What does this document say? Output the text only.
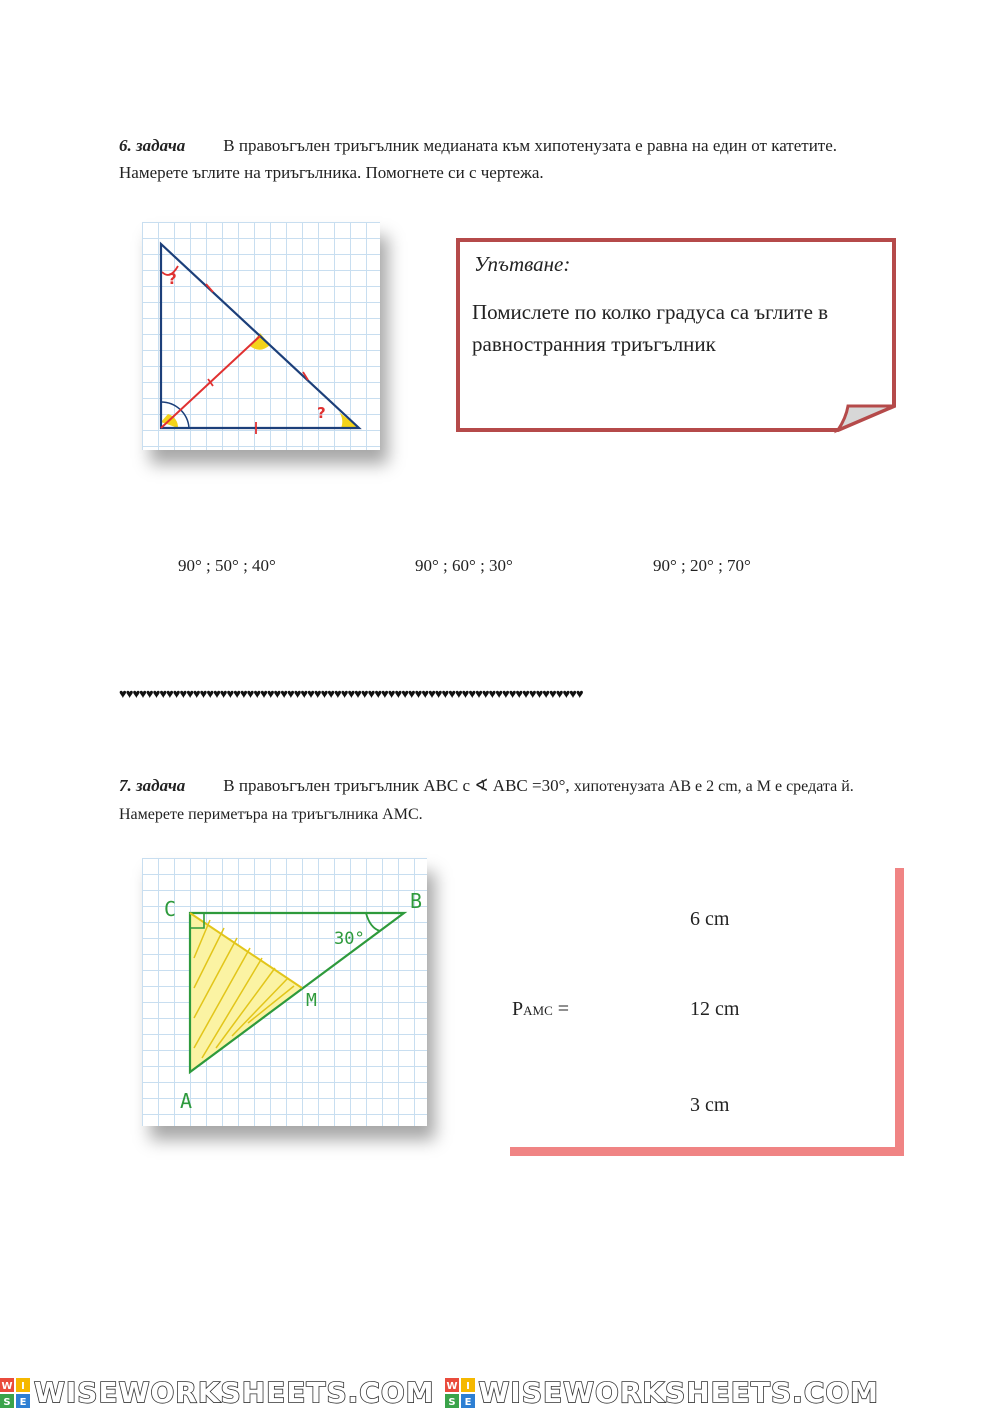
6. задача В правоъгълен триъгълник медианата към хипотенузата е равна на един от катетите. Намерете ъглите на триъгълника. Помогнете си с чертежа.
?
?
Упътване:
Помислете по колко градуса са ъглите в равностранния триъгълник
90° ; 50° ; 40°	90° ; 60° ; 30°	90° ; 20° ; 70°
♥♥♥♥♥♥♥♥♥♥♥♥♥♥♥♥♥♥♥♥♥♥♥♥♥♥♥♥♥♥♥♥♥♥♥♥♥♥♥♥♥♥♥♥♥♥♥♥♥♥♥♥♥♥♥♥♥♥♥♥♥♥♥♥♥♥♥♥♥
7. задача В правоъгълен триъгълник АВС с ∢ АВС =30°, хипотенузата АВ е 2 cm, а М е средата й. Намерете периметъра на триъгълника АМС.
C	B
M
A
30°
PAMC =
6 cm
12 cm
3 cm
W I
S E WISEWORKSHEETS.COM W I
S E WISEWORKSHEETS.COM
